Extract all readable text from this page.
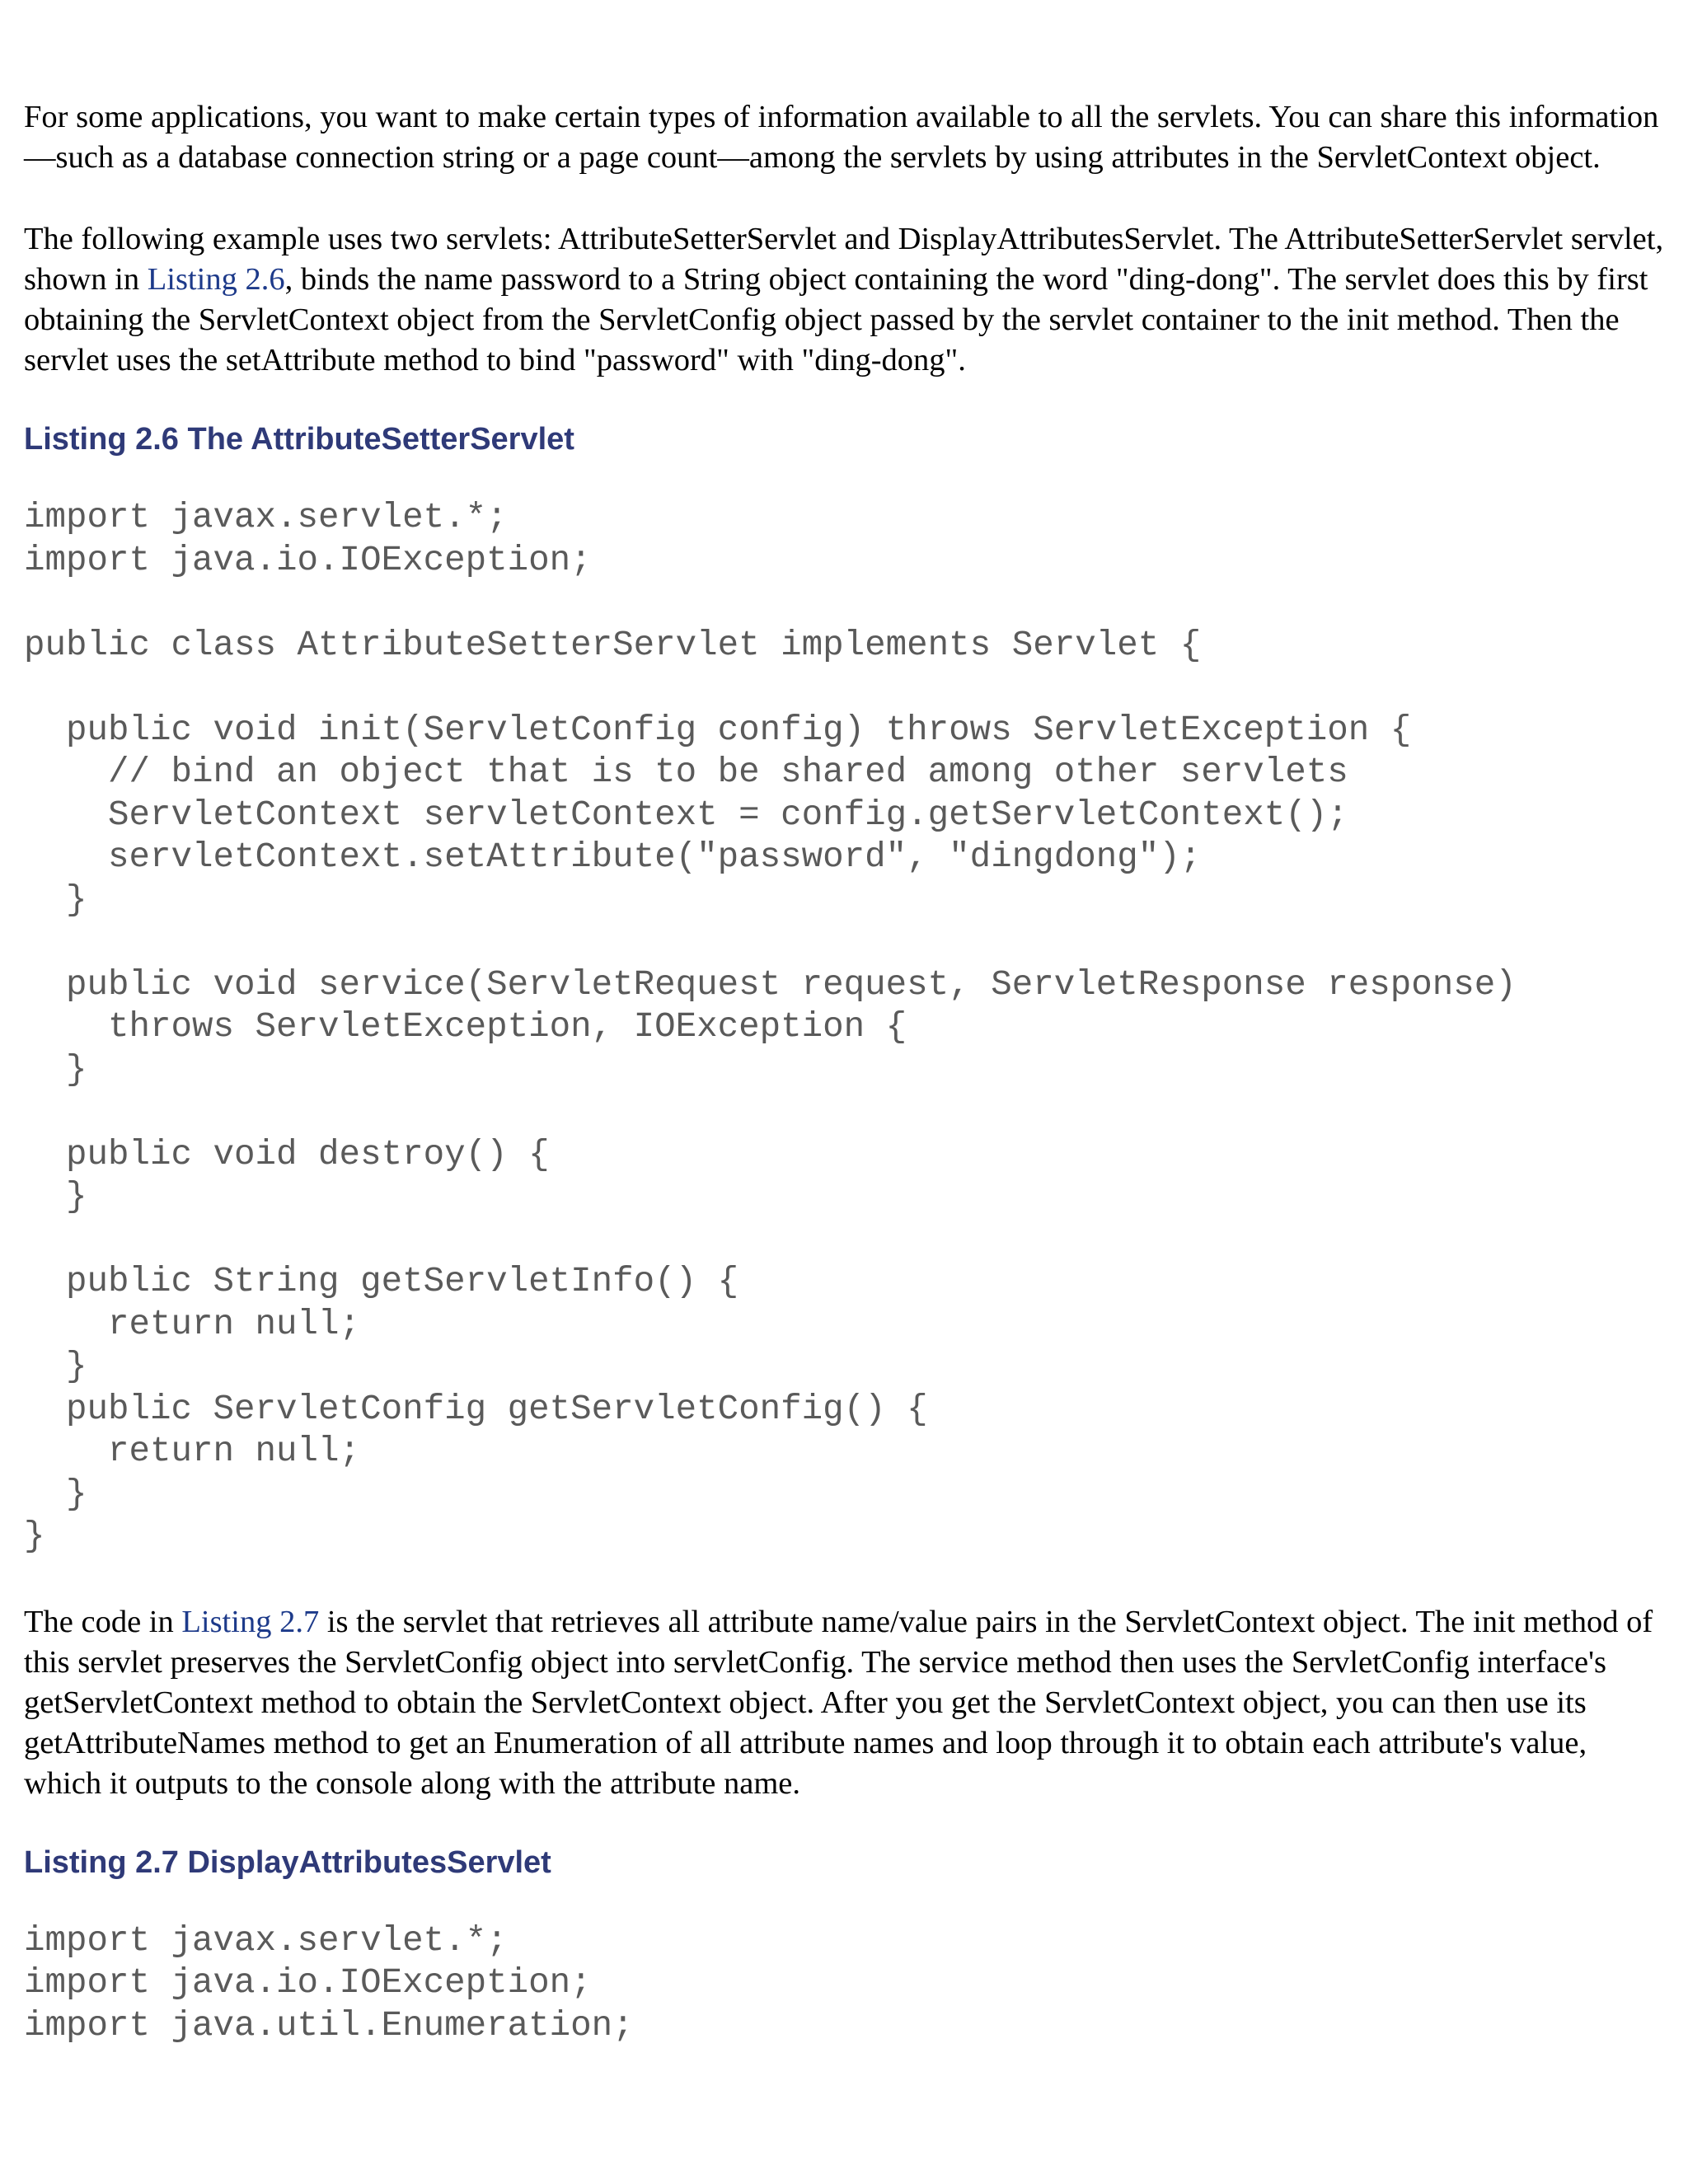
For some applications, you want to make certain types of information available to all the servlets. You can share this information—such as a database connection string or a page count—among the servlets by using attributes in the ServletContext object.

The following example uses two servlets: AttributeSetterServlet and DisplayAttributesServlet. The AttributeSetterServlet servlet, shown in Listing 2.6, binds the name password to a String object containing the word "ding-dong". The servlet does this by first obtaining the ServletContext object from the ServletConfig object passed by the servlet container to the init method. Then the servlet uses the setAttribute method to bind "password" with "ding-dong".

Listing 2.6 The AttributeSetterServlet
import javax.servlet.*;
import java.io.IOException;

public class AttributeSetterServlet implements Servlet {

public void init(ServletConfig config) throws ServletException {
// bind an object that is to be shared among other servlets
ServletContext servletContext = config.getServletContext();
servletContext.setAttribute("password", "dingdong");
}

public void service(ServletRequest request, ServletResponse response)
throws ServletException, IOException {
}

public void destroy() {
}

public String getServletInfo() {
return null;
}
public ServletConfig getServletConfig() {
return null;
}
}

The code in Listing 2.7 is the servlet that retrieves all attribute name/value pairs in the ServletContext object. The init method of this servlet preserves the ServletConfig object into servletConfig. The service method then uses the ServletConfig interface's getServletContext method to obtain the ServletContext object. After you get the ServletContext object, you can then use its getAttributeNames method to get an Enumeration of all attribute names and loop through it to obtain each attribute's value, which it outputs to the console along with the attribute name.

Listing 2.7 DisplayAttributesServlet
import javax.servlet.*;
import java.io.IOException;
import java.util.Enumeration;
